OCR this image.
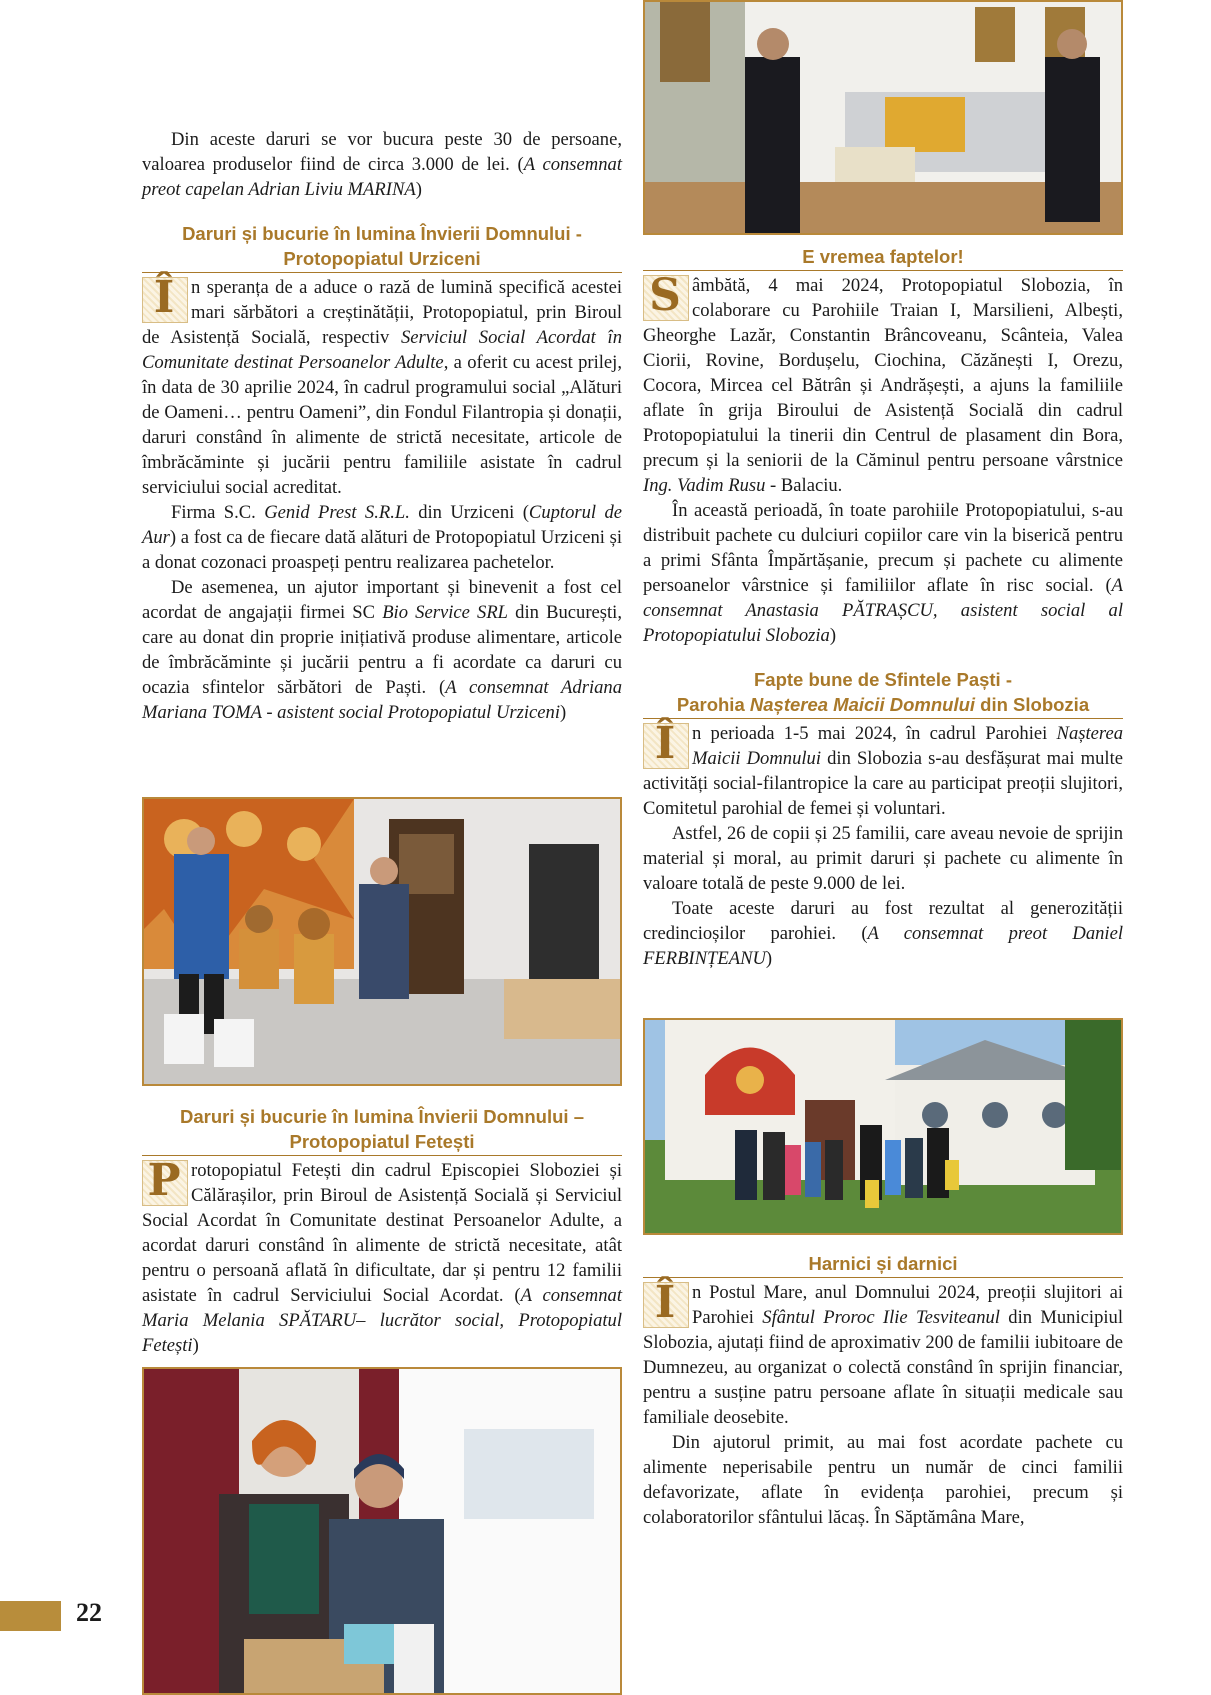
Din aceste daruri se vor bucura peste 30 de persoane, valoarea produselor fiind de circa 3.000 de lei. (A consemnat preot capelan Adrian Liviu MARINA)

Daruri și bucurie în lumina Învierii Domnului -
Protopopiatul Urziceni
Î n speranța de a aduce o rază de lumină specifică acestei mari sărbători a creștinătății, Protopopiatul, prin Biroul de Asistență Socială, respectiv Serviciul Social Acordat în Comunitate destinat Persoanelor Adulte, a oferit cu acest prilej, în data de 30 aprilie 2024, în cadrul programului social „Alături de Oameni… pentru Oameni”, din Fondul Filantropia și donații, daruri constând în alimente de strictă necesitate, articole de îmbrăcăminte și jucării pentru familiile asistate în cadrul serviciului social acreditat.

Firma S.C. Genid Prest S.R.L. din Urziceni (Cuptorul de Aur) a fost ca de fiecare dată alături de Protopopiatul Urziceni și a donat cozonaci proaspeți pentru realizarea pachetelor.

De asemenea, un ajutor important și binevenit a fost cel acordat de angajații firmei SC Bio Service SRL din București, care au donat din proprie inițiativă produse alimentare, articole de îmbrăcăminte și jucării pentru a fi acordate ca daruri cu ocazia sfintelor sărbători de Paști. (A consemnat Adriana Mariana TOMA - asistent social Protopopiatul Urziceni)

Daruri și bucurie în lumina Învierii Domnului –
Protopopiatul Fetești
P rotopopiatul Fetești din cadrul Episcopiei Sloboziei și Călărașilor, prin Biroul de Asistență Socială și Serviciul Social Acordat în Comunitate destinat Persoanelor Adulte, a acordat daruri constând în alimente de strictă necesitate, atât pentru o persoană aflată în dificultate, dar și pentru 12 familii asistate în cadrul Serviciului Social Acordat. (A consemnat Maria Melania SPĂTARU– lucrător social, Protopopiatul Fetești)

E vremea faptelor!
S âmbătă, 4 mai 2024, Protopopiatul Slobozia, în colaborare cu Parohiile Traian I, Marsilieni, Albești, Gheorghe Lazăr, Constantin Brâncoveanu, Scânteia, Valea Ciorii, Rovine, Bordușelu, Ciochina, Căzănești I, Orezu, Cocora, Mircea cel Bătrân și Andrășești, a ajuns la familiile aflate în grija Biroului de Asistență Socială din cadrul Protopopiatului la tinerii din Centrul de plasament din Bora, precum și la seniorii de la Căminul pentru persoane vârstnice Ing. Vadim Rusu - Balaciu.

În această perioadă, în toate parohiile Protopopiatului, s-au distribuit pachete cu dulciuri copiilor care vin la biserică pentru a primi Sfânta Împărtășanie, precum și pachete cu alimente persoanelor vârstnice și familiilor aflate în risc social. (A consemnat Anastasia PĂTRAȘCU, asistent social al Protopopiatului Slobozia)

Fapte bune de Sfintele Paști -
Parohia Nașterea Maicii Domnului din Slobozia
Î n perioada 1-5 mai 2024, în cadrul Parohiei Nașterea Maicii Domnului din Slobozia s-au desfășurat mai multe activități social-filantropice la care au participat preoții slujitori, Comitetul parohial de femei și voluntari.

Astfel, 26 de copii și 25 familii, care aveau nevoie de sprijin material și moral, au primit daruri și pachete cu alimente în valoare totală de peste 9.000 de lei.

Toate aceste daruri au fost rezultat al generozității credincioșilor parohiei. (A consemnat preot Daniel FERBINȚEANU)

Harnici și darnici
Î n Postul Mare, anul Domnului 2024, preoții slujitori ai Parohiei Sfântul Proroc Ilie Tesviteanul din Municipiul Slobozia, ajutați fiind de aproximativ 200 de familii iubitoare de Dumnezeu, au organizat o colectă constând în sprijin financiar, pentru a susține patru persoane aflate în situații medicale sau familiale deosebite.

Din ajutorul primit, au mai fost acordate pachete cu alimente neperisabile pentru un număr de cinci familii defavorizate, aflate în evidența parohiei, precum și colaboratorilor sfântului lăcaș. În Săptămâna Mare,

22
